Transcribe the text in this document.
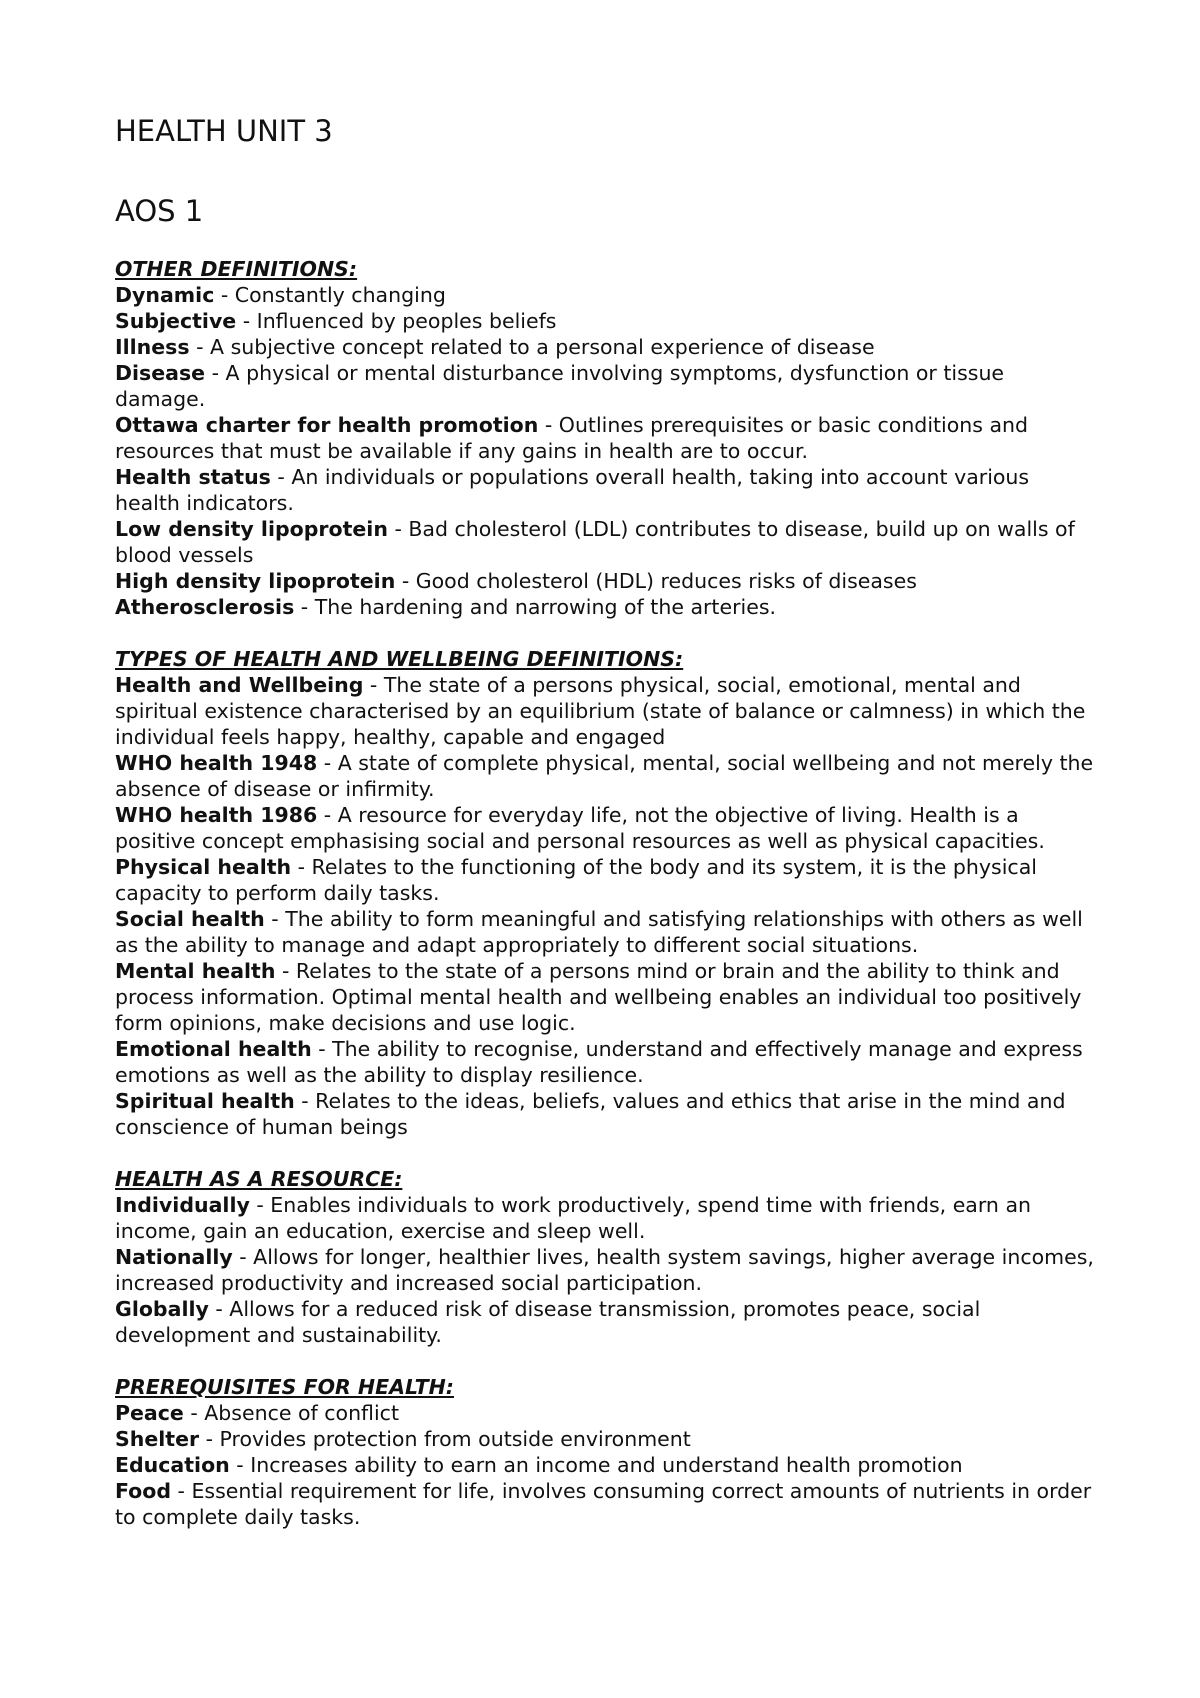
HEALTH UNIT 3
AOS 1

OTHER DEFINITIONS:

Dynamic - Constantly changing

Subjective - Influenced by peoples beliefs

Illness - A subjective concept related to a personal experience of disease

Disease - A physical or mental disturbance involving symptoms, dysfunction or tissue damage.

Ottawa charter for health promotion - Outlines prerequisites or basic conditions and resources that must be available if any gains in health are to occur.

Health status - An individuals or populations overall health, taking into account various health indicators.

Low density lipoprotein - Bad cholesterol (LDL) contributes to disease, build up on walls of blood vessels

High density lipoprotein - Good cholesterol (HDL) reduces risks of diseases

Atherosclerosis - The hardening and narrowing of the arteries.

TYPES OF HEALTH AND WELLBEING DEFINITIONS:

Health and Wellbeing - The state of a persons physical, social, emotional, mental and spiritual existence characterised by an equilibrium (state of balance or calmness) in which the individual feels happy, healthy, capable and engaged

WHO health 1948 - A state of complete physical, mental, social wellbeing and not merely the absence of disease or infirmity.

WHO health 1986 - A resource for everyday life, not the objective of living. Health is a positive concept emphasising social and personal resources as well as physical capacities.

Physical health - Relates to the functioning of the body and its system, it is the physical capacity to perform daily tasks.

Social health - The ability to form meaningful and satisfying relationships with others as well as the ability to manage and adapt appropriately to different social situations.

Mental health - Relates to the state of a persons mind or brain and the ability to think and process information. Optimal mental health and wellbeing enables an individual too positively form opinions, make decisions and use logic.

Emotional health - The ability to recognise, understand and effectively manage and express emotions as well as the ability to display resilience.

Spiritual health - Relates to the ideas, beliefs, values and ethics that arise in the mind and conscience of human beings

HEALTH AS A RESOURCE:

Individually - Enables individuals to work productively, spend time with friends, earn an income, gain an education, exercise and sleep well.

Nationally - Allows for longer, healthier lives, health system savings, higher average incomes, increased productivity and increased social participation.

Globally - Allows for a reduced risk of disease transmission, promotes peace, social development and sustainability.

PREREQUISITES FOR HEALTH:

Peace - Absence of conflict

Shelter - Provides protection from outside environment

Education - Increases ability to earn an income and understand health promotion

Food - Essential requirement for life, involves consuming correct amounts of nutrients in order to complete daily tasks.
